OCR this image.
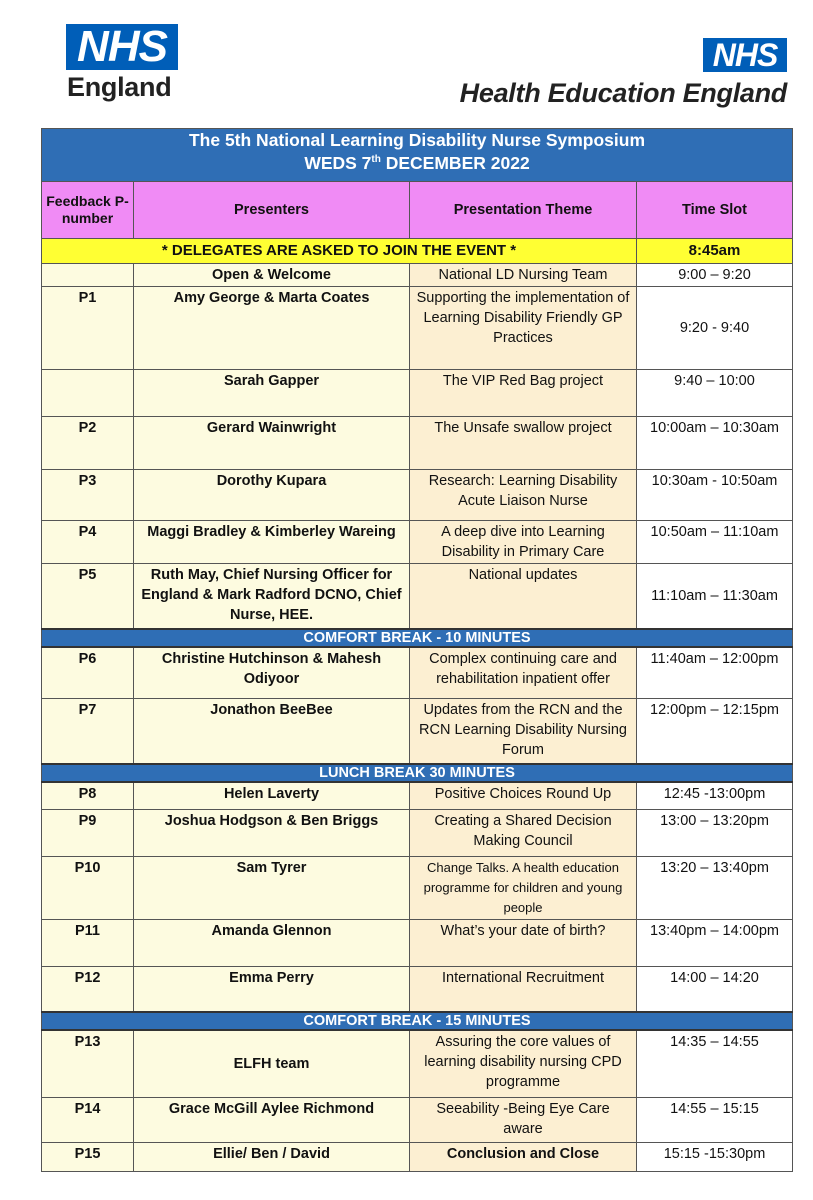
NHS
England
NHS
Health Education England
The 5th National Learning Disability Nurse Symposium
WEDS 7th DECEMBER 2022			
Feedback P-number	Presenters	Presentation Theme	Time Slot
* DELEGATES ARE ASKED TO JOIN THE EVENT *			8:45am
	Open & Welcome	National LD Nursing Team	9:00 – 9:20
P1	Amy George & Marta Coates	Supporting the implementation of Learning Disability Friendly GP Practices	9:20 - 9:40
	Sarah Gapper	The VIP Red Bag project	9:40 – 10:00
P2	Gerard Wainwright	The Unsafe swallow project	10:00am – 10:30am
P3	Dorothy Kupara	Research: Learning Disability Acute Liaison Nurse	10:30am - 10:50am
P4	Maggi Bradley & Kimberley Wareing	A deep dive into Learning Disability in Primary Care	10:50am – 11:10am
P5	Ruth May, Chief Nursing Officer for England & Mark Radford DCNO, Chief Nurse, HEE.	National updates	11:10am – 11:30am
COMFORT BREAK - 10 MINUTES			
P6	Christine Hutchinson & Mahesh Odiyoor	Complex continuing care and rehabilitation inpatient offer	11:40am – 12:00pm
P7	Jonathon BeeBee	Updates from the RCN and the RCN Learning Disability Nursing Forum	12:00pm – 12:15pm
LUNCH BREAK 30 MINUTES			
P8	Helen Laverty	Positive Choices Round Up	12:45 -13:00pm
P9	Joshua Hodgson & Ben Briggs	Creating a Shared Decision Making Council	13:00 – 13:20pm
P10	Sam Tyrer	Change Talks. A health education programme for children and young people	13:20 – 13:40pm
P11	Amanda Glennon	What’s your date of birth?	13:40pm – 14:00pm
P12	Emma Perry	International Recruitment	14:00 – 14:20
COMFORT BREAK - 15 MINUTES			
P13	ELFH team	Assuring the core values of learning disability nursing CPD programme	14:35 – 14:55
P14	Grace McGill Aylee Richmond	Seeability -Being Eye Care aware	14:55 – 15:15
P15	Ellie/ Ben / David	Conclusion and Close	15:15 -15:30pm
